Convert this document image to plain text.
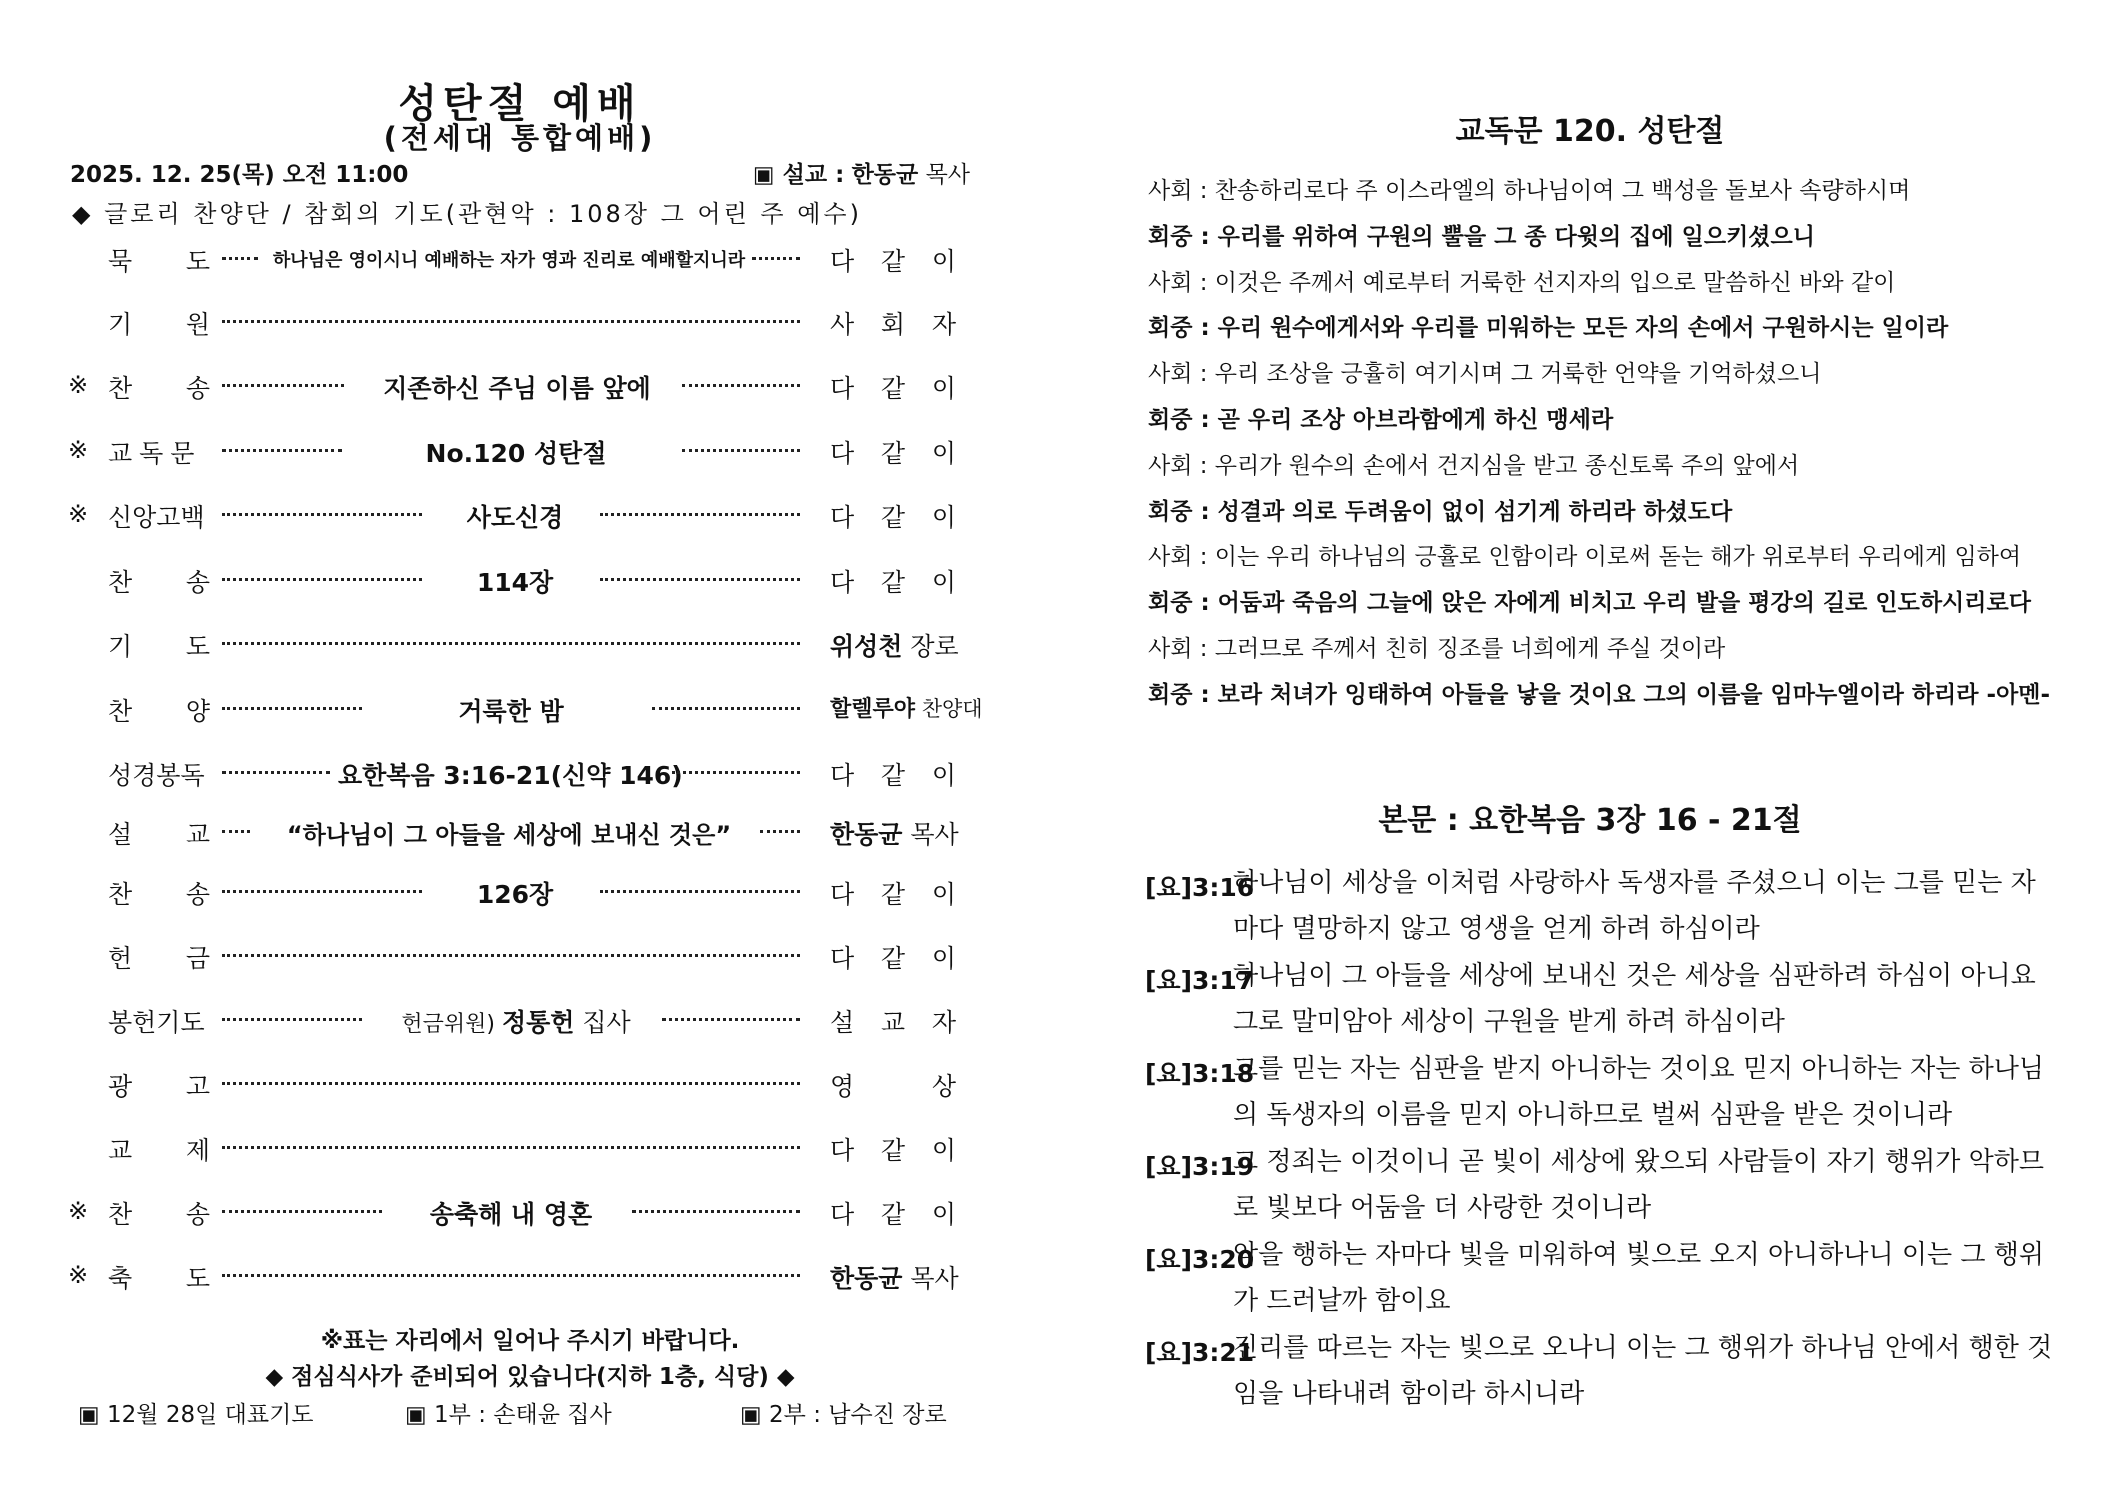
성탄절 예배
(전세대 통합예배)
2025. 12. 25(목) 오전 11:00	▣ 설교 : 한동균 목사
◆ 글로리 찬양단 / 참회의 기도(관현악 : 108장 그 어린 주 예수)
묵 도	하나님은 영이시니 예배하는 자가 영과 진리로 예배할지니라	다 같 이
기 원	사 회 자
※ 찬 송	지존하신 주님 이름 앞에	다 같 이
※ 교독문	No.120 성탄절	다 같 이
※ 신앙고백	사도신경	다 같 이
찬 송	114장	다 같 이
기 도	위성천 장로
찬 양	거룩한 밤	할렐루야 찬양대
성경봉독	요한복음 3:16-21(신약 146)	다 같 이
설 교	“하나님이 그 아들을 세상에 보내신 것은”	한동균 목사
찬 송	126장	다 같 이
헌 금	다 같 이
봉헌기도	헌금위원) 정통헌 집사	설 교 자
광 고	영	상
교 제	다 같 이
※ 찬 송	송축해 내 영혼	다 같 이
※ 축 도	한동균 목사
※표는 자리에서 일어나 주시기 바랍니다.
◆ 점심식사가 준비되어 있습니다(지하 1층, 식당) ◆
▣ 12월 28일 대표기도	▣ 1부 : 손태윤 집사	▣ 2부 : 남수진 장로
교독문 120. 성탄절
사회 : 찬송하리로다 주 이스라엘의 하나님이여 그 백성을 돌보사 속량하시며
회중 : 우리를 위하여 구원의 뿔을 그 종 다윗의 집에 일으키셨으니
사회 : 이것은 주께서 예로부터 거룩한 선지자의 입으로 말씀하신 바와 같이
회중 : 우리 원수에게서와 우리를 미워하는 모든 자의 손에서 구원하시는 일이라
사회 : 우리 조상을 긍휼히 여기시며 그 거룩한 언약을 기억하셨으니
회중 : 곧 우리 조상 아브라함에게 하신 맹세라
사회 : 우리가 원수의 손에서 건지심을 받고 종신토록 주의 앞에서
회중 : 성결과 의로 두려움이 없이 섬기게 하리라 하셨도다
사회 : 이는 우리 하나님의 긍휼로 인함이라 이로써 돋는 해가 위로부터 우리에게 임하여
회중 : 어둠과 죽음의 그늘에 앉은 자에게 비치고 우리 발을 평강의 길로 인도하시리로다
사회 : 그러므로 주께서 친히 징조를 너희에게 주실 것이라
회중 : 보라 처녀가 잉태하여 아들을 낳을 것이요 그의 이름을 임마누엘이라 하리라 -아멘-
본문 : 요한복음 3장 16 - 21절
[요]3:16
하나님이 세상을 이처럼 사랑하사 독생자를 주셨으니 이는 그를 믿는 자마다 멸망하지 않고 영생을 얻게 하려 하심이라
[요]3:17
하나님이 그 아들을 세상에 보내신 것은 세상을 심판하려 하심이 아니요 그로 말미암아 세상이 구원을 받게 하려 하심이라
[요]3:18
그를 믿는 자는 심판을 받지 아니하는 것이요 믿지 아니하는 자는 하나님의 독생자의 이름을 믿지 아니하므로 벌써 심판을 받은 것이니라
[요]3:19
그 정죄는 이것이니 곧 빛이 세상에 왔으되 사람들이 자기 행위가 악하므로 빛보다 어둠을 더 사랑한 것이니라
[요]3:20
악을 행하는 자마다 빛을 미워하여 빛으로 오지 아니하나니 이는 그 행위가 드러날까 함이요
[요]3:21
진리를 따르는 자는 빛으로 오나니 이는 그 행위가 하나님 안에서 행한 것임을 나타내려 함이라 하시니라
